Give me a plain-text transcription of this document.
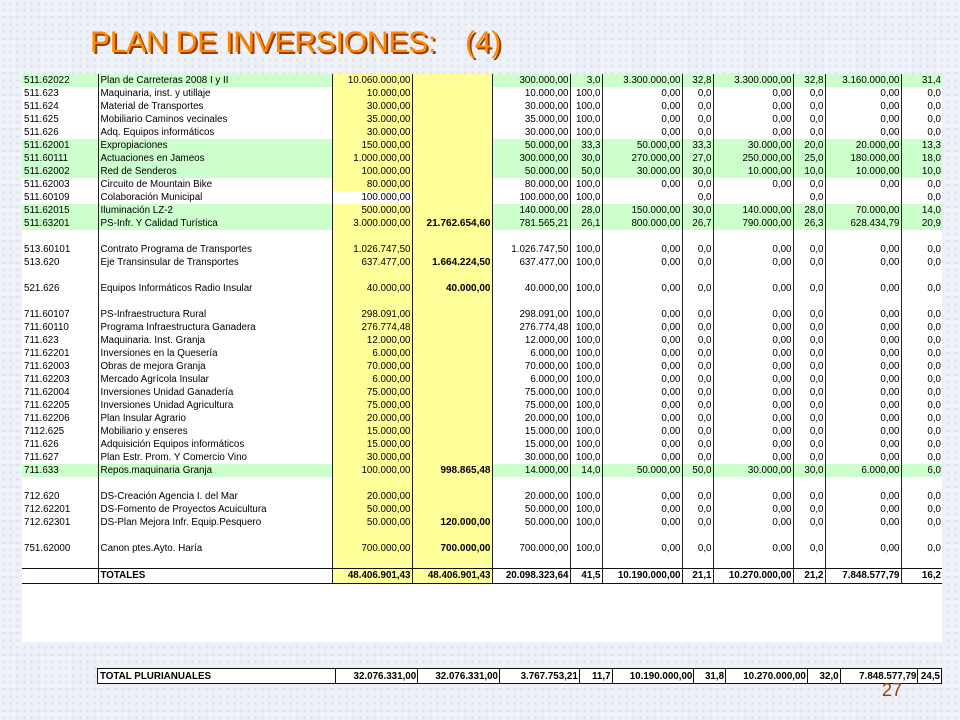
PLAN DE INVERSIONES: (4)
511.62022	Plan de Carreteras 2008 I y II	10.060.000,00		300.000,00	3,0	3.300.000,00	32,8	3.300.000,00	32,8	3.160.000,00	31,4
511.623	Maquinaria, inst. y utillaje	10.000,00		10.000,00	100,0	0,00	0,0	0,00	0,0	0,00	0,0
511.624	Material de Transportes	30.000,00		30.000,00	100,0	0,00	0,0	0,00	0,0	0,00	0,0
511.625	Mobiliario Caminos vecinales	35.000,00		35.000,00	100,0	0,00	0,0	0,00	0,0	0,00	0,0
511.626	Adq. Equipos informáticos	30.000,00		30.000,00	100,0	0,00	0,0	0,00	0,0	0,00	0,0
511.62001	Expropiaciones	150.000,00		50.000,00	33,3	50.000,00	33,3	30.000,00	20,0	20.000,00	13,3
511.60111	Actuaciones en Jameos	1.000.000,00		300.000,00	30,0	270.000,00	27,0	250.000,00	25,0	180.000,00	18,0
511.62002	Red de Senderos	100.000,00		50.000,00	50,0	30.000,00	30,0	10.000,00	10,0	10.000,00	10,0
511.62003	Circuito de Mountain Bike	80.000,00		80.000,00	100,0	0,00	0,0	0,00	0,0	0,00	0,0
511.60109	Colaboración Municipal	100.000,00		100.000,00	100,0		0,0		0,0		0,0
511.62015	Iluminación LZ-2	500.000,00		140.000,00	28,0	150.000,00	30,0	140.000,00	28,0	70.000,00	14,0
511.63201	PS-Infr. Y Calidad Turística	3.000.000,00	21.762.654,60	781.565,21	26,1	800.000,00	26,7	790.000,00	26,3	628.434,79	20,9

513.60101	Contrato Programa de Transportes	1.026.747,50		1.026.747,50	100,0	0,00	0,0	0,00	0,0	0,00	0,0
513.620	Eje Transinsular de Transportes	637.477,00	1.664.224,50	637.477,00	100,0	0,00	0,0	0,00	0,0	0,00	0,0

521.626	Equipos Informáticos Radio Insular	40.000,00	40.000,00	40.000,00	100,0	0,00	0,0	0,00	0,0	0,00	0,0

711.60107	PS-Infraestructura Rural	298.091,00		298.091,00	100,0	0,00	0,0	0,00	0,0	0,00	0,0
711.60110	Programa Infraestructura Ganadera	276.774,48		276.774,48	100,0	0,00	0,0	0,00	0,0	0,00	0,0
711.623	Maquinaria. Inst. Granja	12.000,00		12.000,00	100,0	0,00	0,0	0,00	0,0	0,00	0,0
711.62201	Inversiones en la Quesería	6.000,00		6.000,00	100,0	0,00	0,0	0,00	0,0	0,00	0,0
711.62003	Obras de mejora Granja	70.000,00		70.000,00	100,0	0,00	0,0	0,00	0,0	0,00	0,0
711.62203	Mercado Agrícola Insular	6.000,00		6.000,00	100,0	0,00	0,0	0,00	0,0	0,00	0,0
711.62004	Inversiones Unidad Ganadería	75.000,00		75.000,00	100,0	0,00	0,0	0,00	0,0	0,00	0,0
711.62205	Inversiones Unidad Agricultura	75.000,00		75.000,00	100,0	0,00	0,0	0,00	0,0	0,00	0,0
711.62206	Plan Insular Agrario	20.000,00		20.000,00	100,0	0,00	0,0	0,00	0,0	0,00	0,0
7112.625	Mobiliario y enseres	15.000,00		15.000,00	100,0	0,00	0,0	0,00	0,0	0,00	0,0
711.626	Adquisición Equipos informáticos	15.000,00		15.000,00	100,0	0,00	0,0	0,00	0,0	0,00	0,0
711.627	Plan Estr. Prom. Y Comercio Vino	30.000,00		30.000,00	100,0	0,00	0,0	0,00	0,0	0,00	0,0
711.633	Repos.maquinaria Granja	100.000,00	998.865,48	14.000,00	14,0	50.000,00	50,0	30.000,00	30,0	6.000,00	6,0

712.620	DS-Creación Agencia I. del Mar	20.000,00		20.000,00	100,0	0,00	0,0	0,00	0,0	0,00	0,0
712.62201	DS-Fomento de Proyectos Acuicultura	50.000,00		50.000,00	100,0	0,00	0,0	0,00	0,0	0,00	0,0
712.62301	DS-Plan Mejora Infr. Equip.Pesquero	50.000,00	120.000,00	50.000,00	100,0	0,00	0,0	0,00	0,0	0,00	0,0

751.62000	Canon ptes.Ayto. Haría	700.000,00	700.000,00	700.000,00	100,0	0,00	0,0	0,00	0,0	0,00	0,0

	TOTALES	48.406.901,43	48.406.901,43	20.098.323,64	41,5	10.190.000,00	21,1	10.270.000,00	21,2	7.848.577,79	16,2
TOTAL PLURIANUALES	32.076.331,00	32.076.331,00	3.767.753,21	11,7	10.190.000,00	31,8	10.270.000,00	32,0	7.848.577,79	24,5
27
